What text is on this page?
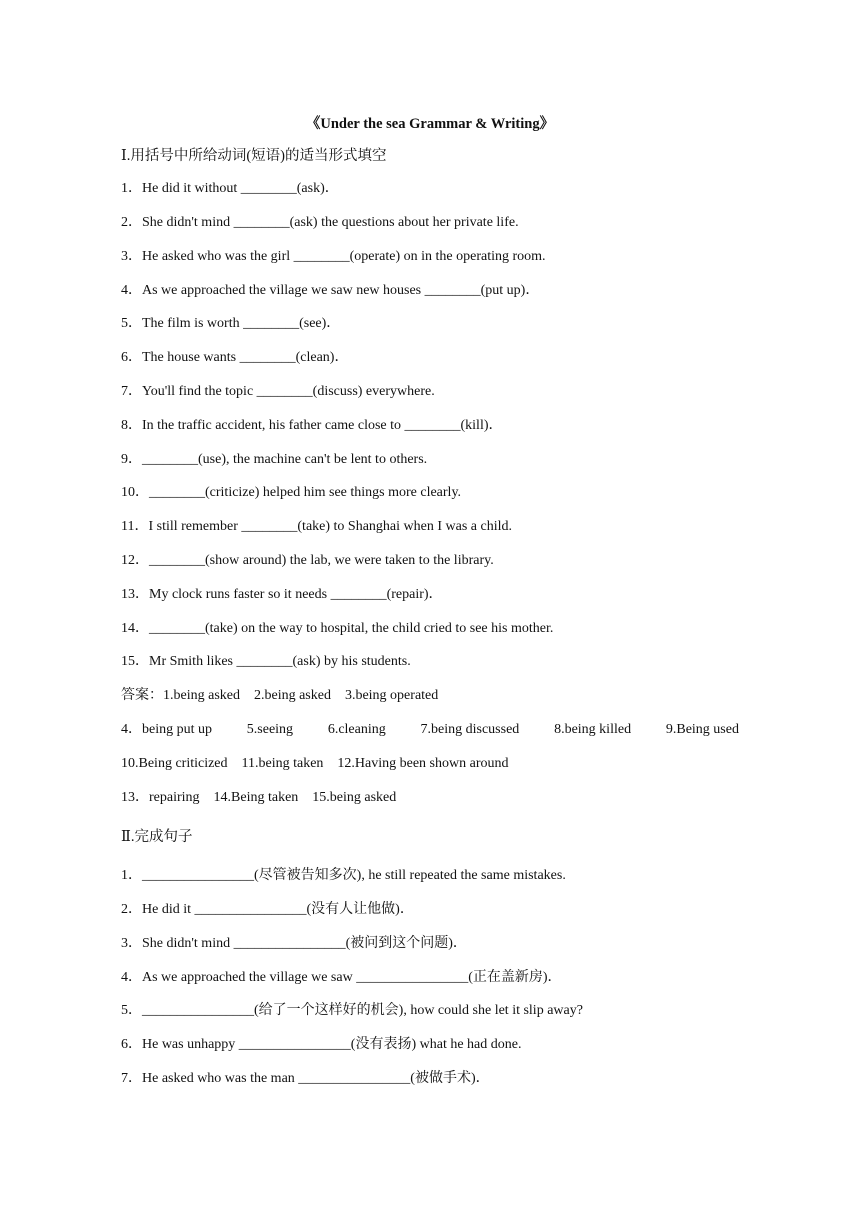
《Under the sea Grammar & Writing》
Ⅰ.用括号中所给动词(短语)的适当形式填空
1．He did it without ________(ask)．
2．She didn't mind ________(ask) the questions about her private life.
3．He asked who was the girl ________(operate) on in the operating room.
4．As we approached the village we saw new houses ________(put up)．
5．The film is worth ________(see)．
6．The house wants ________(clean)．
7．You'll find the topic ________(discuss) everywhere.
8．In the traffic accident, his father came close to ________(kill)．
9．________(use), the machine can't be lent to others.
10．________(criticize) helped him see things more clearly.
11．I still remember ________(take) to Shanghai when I was a child.
12．________(show around) the lab, we were taken to the library.
13．My clock runs faster so it needs ________(repair)．
14．________(take) on the way to hospital, the child cried to see his mother.
15．Mr Smith likes ________(ask) by his students.
答案：1.being asked　2.being asked　3.being operated
4．being put up 5.seeing 6.cleaning 7.being discussed 8.being killed 9.Being used
10.Being criticized　11.being taken　12.Having been shown around
13．repairing　14.Being taken　15.being asked
Ⅱ.完成句子
1．________________(尽管被告知多次), he still repeated the same mistakes.
2．He did it ________________(没有人让他做)．
3．She didn't mind ________________(被问到这个问题)．
4．As we approached the village we saw ________________(正在盖新房)．
5．________________(给了一个这样好的机会), how could she let it slip away?
6．He was unhappy ________________(没有表扬) what he had done.
7．He asked who was the man ________________(被做手术)．
